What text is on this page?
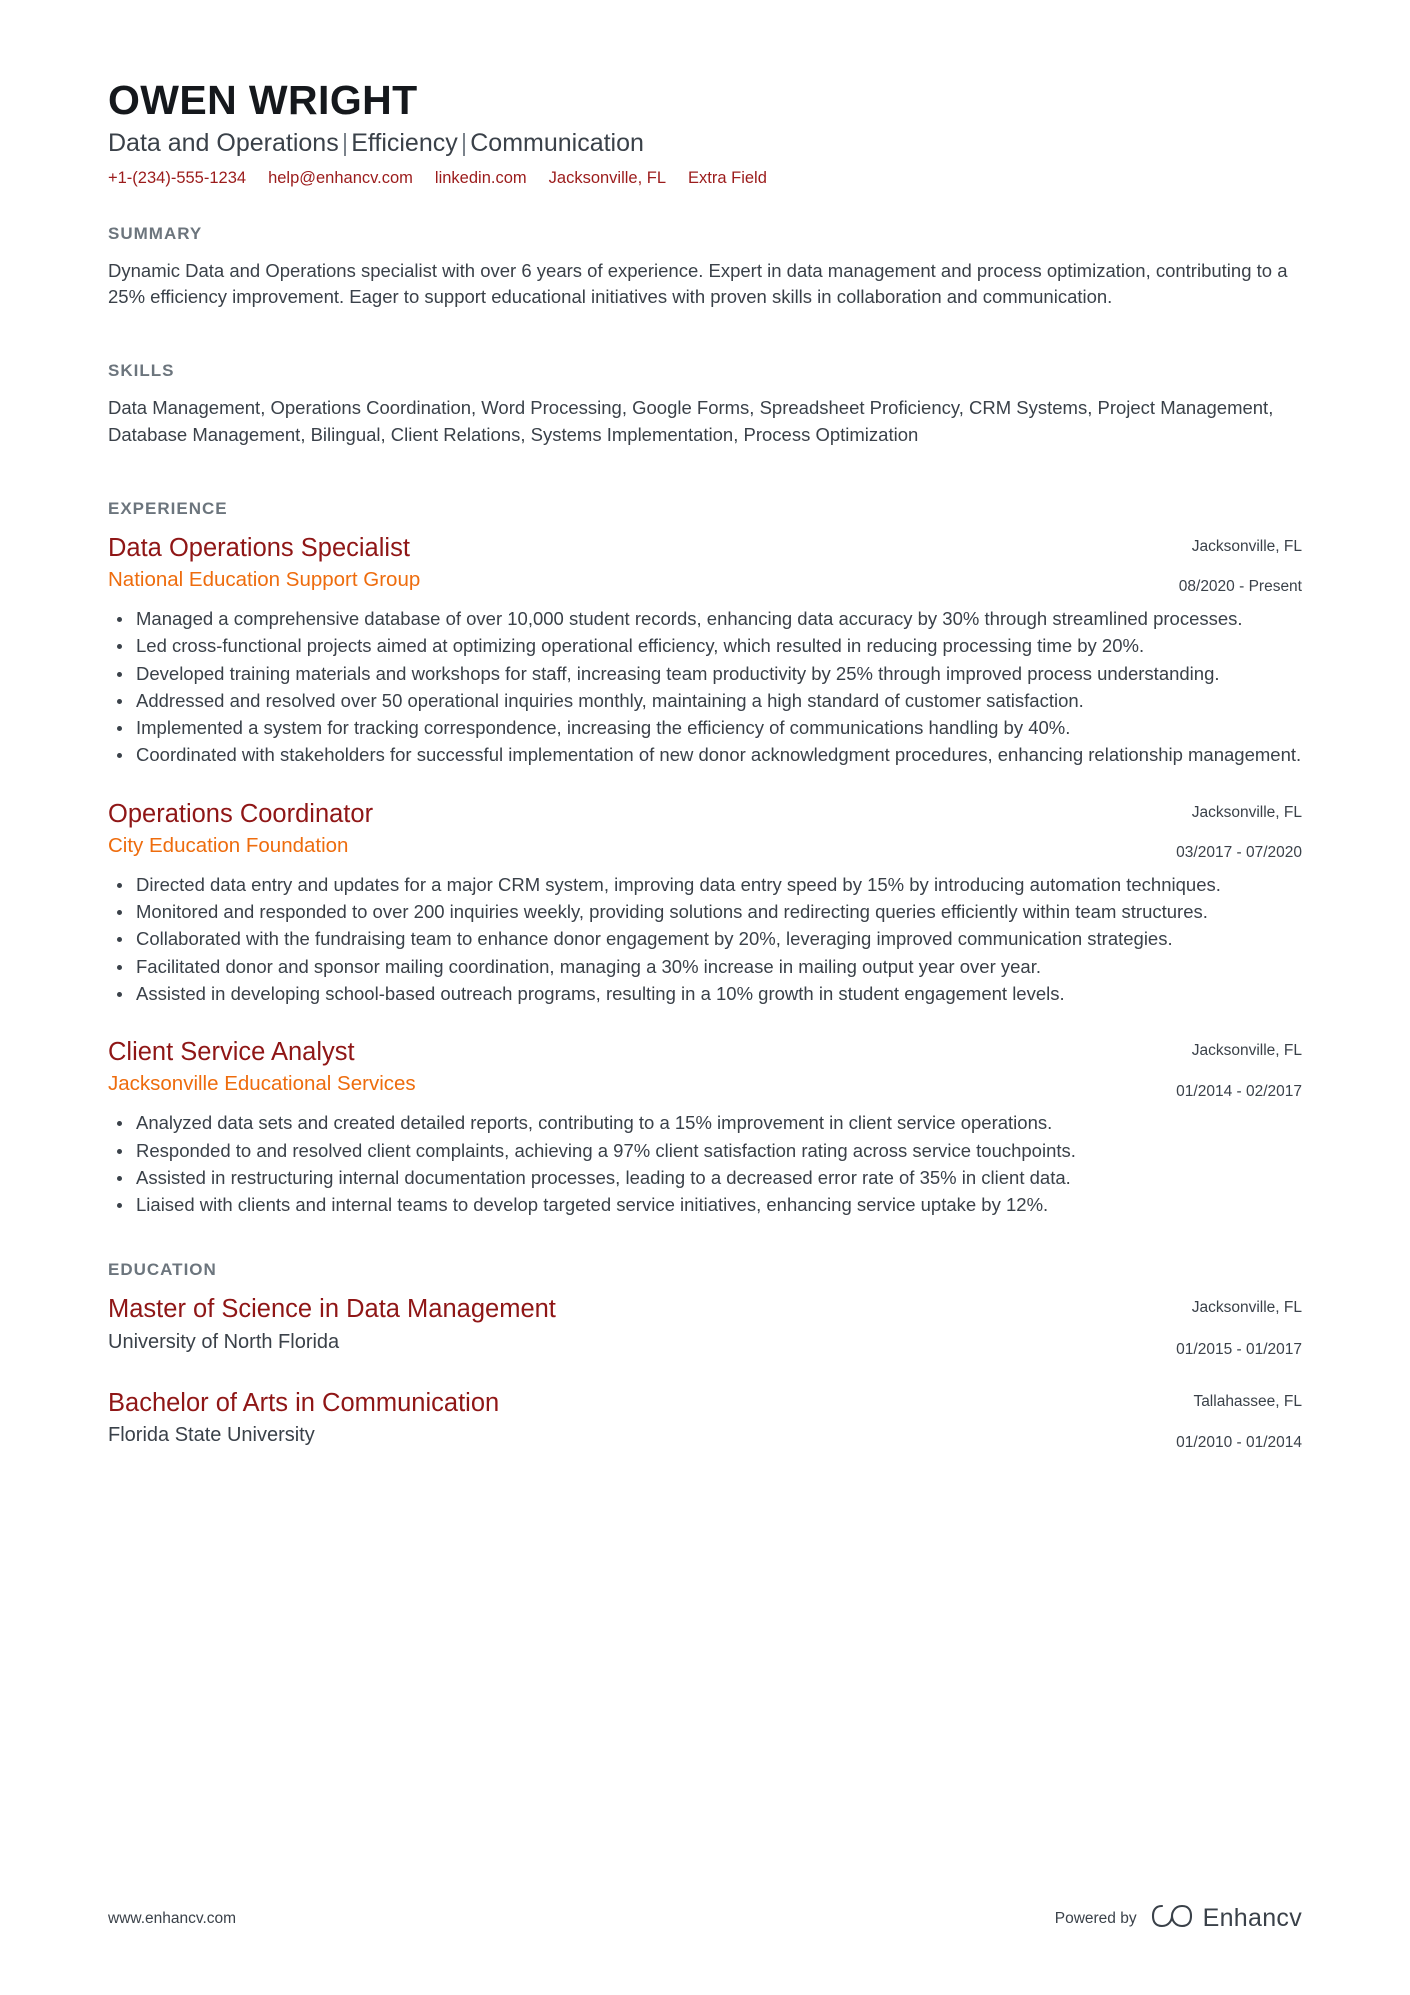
OWEN WRIGHT
Data and Operations | Efficiency | Communication
+1-(234)-555-1234 help@enhancv.com linkedin.com Jacksonville, FL Extra Field
SUMMARY

Dynamic Data and Operations specialist with over 6 years of experience. Expert in data management and process optimization, contributing to a 25% efficiency improvement. Eager to support educational initiatives with proven skills in collaboration and communication.

SKILLS

Data Management, Operations Coordination, Word Processing, Google Forms, Spreadsheet Proficiency, CRM Systems, Project Management, Database Management, Bilingual, Client Relations, Systems Implementation, Process Optimization

EXPERIENCE
Data Operations Specialist
National Education Support Group
Jacksonville, FL
08/2020 - Present
Managed a comprehensive database of over 10,000 student records, enhancing data accuracy by 30% through streamlined processes.
Led cross-functional projects aimed at optimizing operational efficiency, which resulted in reducing processing time by 20%.
Developed training materials and workshops for staff, increasing team productivity by 25% through improved process understanding.
Addressed and resolved over 50 operational inquiries monthly, maintaining a high standard of customer satisfaction.
Implemented a system for tracking correspondence, increasing the efficiency of communications handling by 40%.
Coordinated with stakeholders for successful implementation of new donor acknowledgment procedures, enhancing relationship management.
Operations Coordinator
City Education Foundation
Jacksonville, FL
03/2017 - 07/2020
Directed data entry and updates for a major CRM system, improving data entry speed by 15% by introducing automation techniques.
Monitored and responded to over 200 inquiries weekly, providing solutions and redirecting queries efficiently within team structures.
Collaborated with the fundraising team to enhance donor engagement by 20%, leveraging improved communication strategies.
Facilitated donor and sponsor mailing coordination, managing a 30% increase in mailing output year over year.
Assisted in developing school-based outreach programs, resulting in a 10% growth in student engagement levels.
Client Service Analyst
Jacksonville Educational Services
Jacksonville, FL
01/2014 - 02/2017
Analyzed data sets and created detailed reports, contributing to a 15% improvement in client service operations.
Responded to and resolved client complaints, achieving a 97% client satisfaction rating across service touchpoints.
Assisted in restructuring internal documentation processes, leading to a decreased error rate of 35% in client data.
Liaised with clients and internal teams to develop targeted service initiatives, enhancing service uptake by 12%.
EDUCATION
Master of Science in Data Management
University of North Florida
Jacksonville, FL
01/2015 - 01/2017
Bachelor of Arts in Communication
Florida State University
Tallahassee, FL
01/2010 - 01/2014
www.enhancv.com	Powered by	Enhancv
